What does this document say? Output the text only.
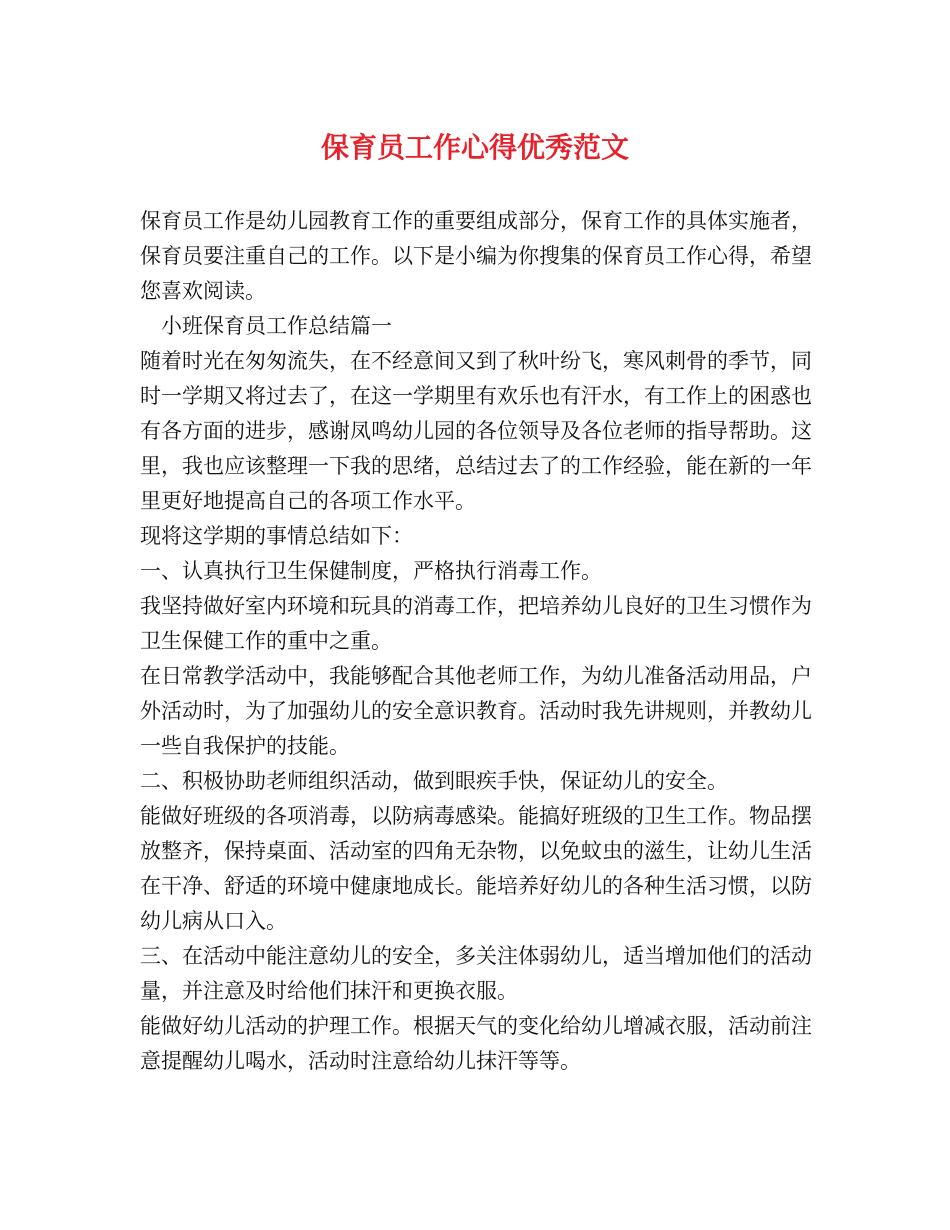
保育员工作心得优秀范文

保育员工作是幼儿园教育工作的重要组成部分，保育工作的具体实施者，保育员要注重自己的工作。以下是小编为你搜集的保育员工作心得，希望您喜欢阅读。

　小班保育员工作总结篇一

随着时光在匆匆流失，在不经意间又到了秋叶纷飞，寒风刺骨的季节，同时一学期又将过去了，在这一学期里有欢乐也有汗水，有工作上的困惑也有各方面的进步，感谢凤鸣幼儿园的各位领导及各位老师的指导帮助。这里，我也应该整理一下我的思绪，总结过去了的工作经验，能在新的一年里更好地提高自己的各项工作水平。

现将这学期的事情总结如下：

一、认真执行卫生保健制度，严格执行消毒工作。

我坚持做好室内环境和玩具的消毒工作，把培养幼儿良好的卫生习惯作为卫生保健工作的重中之重。

在日常教学活动中，我能够配合其他老师工作，为幼儿准备活动用品，户外活动时，为了加强幼儿的安全意识教育。活动时我先讲规则，并教幼儿一些自我保护的技能。

二、积极协助老师组织活动，做到眼疾手快，保证幼儿的安全。

能做好班级的各项消毒，以防病毒感染。能搞好班级的卫生工作。物品摆放整齐，保持桌面、活动室的四角无杂物，以免蚊虫的滋生，让幼儿生活在干净、舒适的环境中健康地成长。能培养好幼儿的各种生活习惯，以防幼儿病从口入。

三、在活动中能注意幼儿的安全，多关注体弱幼儿，适当增加他们的活动量，并注意及时给他们抹汗和更换衣服。

能做好幼儿活动的护理工作。根据天气的变化给幼儿增减衣服，活动前注意提醒幼儿喝水，活动时注意给幼儿抹汗等等。
